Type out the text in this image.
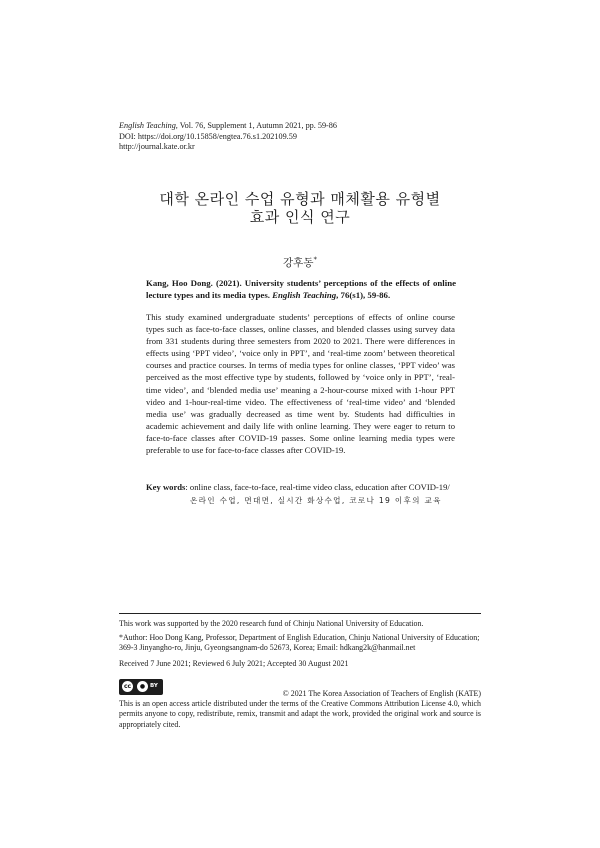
English Teaching, Vol. 76, Supplement 1, Autumn 2021, pp. 59-86
DOI: https://doi.org/10.15858/engtea.76.s1.202109.59
http://journal.kate.or.kr
대학 온라인 수업 유형과 매체활용 유형별
효과 인식 연구
강후동*
Kang, Hoo Dong. (2021). University students’ perceptions of the effects of online lecture types and its media types. English Teaching, 76(s1), 59-86.
This study examined undergraduate students’ perceptions of effects of online course types such as face-to-face classes, online classes, and blended classes using survey data from 331 students during three semesters from 2020 to 2021. There were differences in effects using ‘PPT video’, ‘voice only in PPT’, and ‘real-time zoom’ between theoretical courses and practice courses. In terms of media types for online classes, ‘PPT video’ was perceived as the most effective type by students, followed by ‘voice only in PPT’, ‘real-time video’, and ‘blended media use’ meaning a 2-hour-course mixed with 1-hour PPT video and 1-hour-real-time video. The effectiveness of ‘real-time video’ and ‘blended media use’ was gradually decreased as time went by. Students had difficulties in academic achievement and daily life with online learning. They were eager to return to face-to-face classes after COVID-19 passes. Some online learning media types were preferable to use for face-to-face classes after COVID-19.
Key words: online class, face-to-face, real-time video class, education after COVID-19/
온라인 수업, 면대면, 실시간 화상수업, 코로나 19 이후의 교육
This work was supported by the 2020 research fund of Chinju National University of Education.
*Author: Hoo Dong Kang, Professor, Department of English Education, Chinju National University of Education; 369-3 Jinyangho-ro, Jinju, Gyeongsangnam-do 52673, Korea; Email: hdkang2k@hanmail.net
Received 7 June 2021; Reviewed 6 July 2021; Accepted 30 August 2021
cc	● BY
© 2021 The Korea Association of Teachers of English (KATE)
This is an open access article distributed under the terms of the Creative Commons Attribution License 4.0, which permits anyone to copy, redistribute, remix, transmit and adapt the work, provided the original work and source is appropriately cited.
